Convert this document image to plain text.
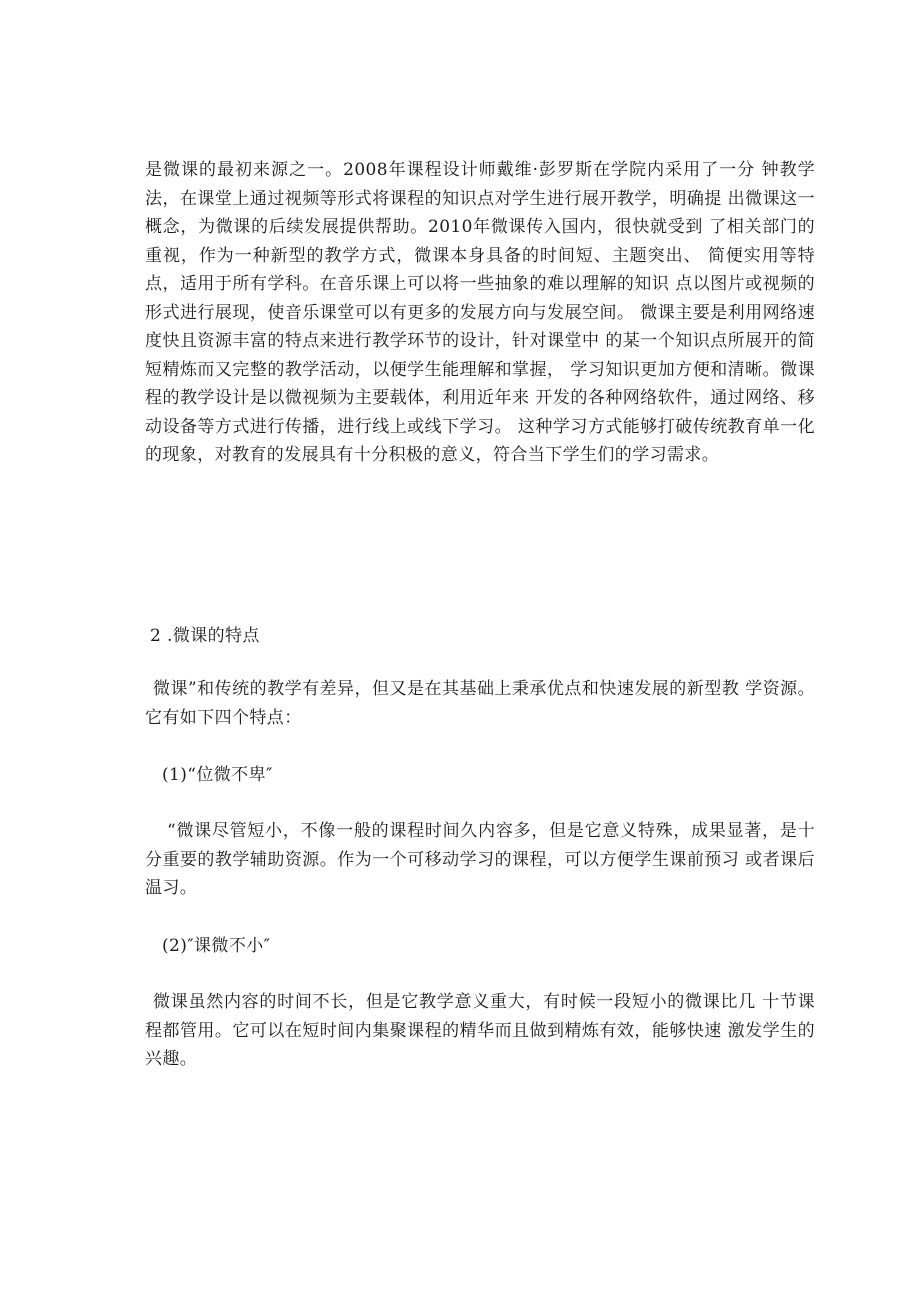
是微课的最初来源之一。2008年课程设计师戴维·彭罗斯在学院内采用了一分 钟教学法，在课堂上通过视频等形式将课程的知识点对学生进行展开教学，明确提 出微课这一概念，为微课的后续发展提供帮助。2010年微课传入国内，很快就受到 了相关部门的重视，作为一种新型的教学方式，微课本身具备的时间短、主题突出、 简便实用等特点，适用于所有学科。在音乐课上可以将一些抽象的难以理解的知识 点以图片或视频的形式进行展现，使音乐课堂可以有更多的发展方向与发展空间。 微课主要是利用网络速度快且资源丰富的特点来进行教学环节的设计，针对课堂中 的某一个知识点所展开的简短精炼而又完整的教学活动，以便学生能理解和掌握， 学习知识更加方便和清晰。微课程的教学设计是以微视频为主要载体，利用近年来 开发的各种网络软件，通过网络、移动设备等方式进行传播，进行线上或线下学习。 这种学习方式能够打破传统教育单一化的现象，对教育的发展具有十分积极的意义，符合当下学生们的学习需求。

2 .微课的特点

微课”和传统的教学有差异，但又是在其基础上秉承优点和快速发展的新型教 学资源。它有如下四个特点：

(1)“位微不卑″

“微课尽管短小，不像一般的课程时间久内容多，但是它意义特殊，成果显著，是十分重要的教学辅助资源。作为一个可移动学习的课程，可以方便学生课前预习 或者课后温习。

(2)″课微不小″

微课虽然内容的时间不长，但是它教学意义重大，有时候一段短小的微课比几 十节课程都管用。它可以在短时间内集聚课程的精华而且做到精炼有效，能够快速 激发学生的兴趣。
